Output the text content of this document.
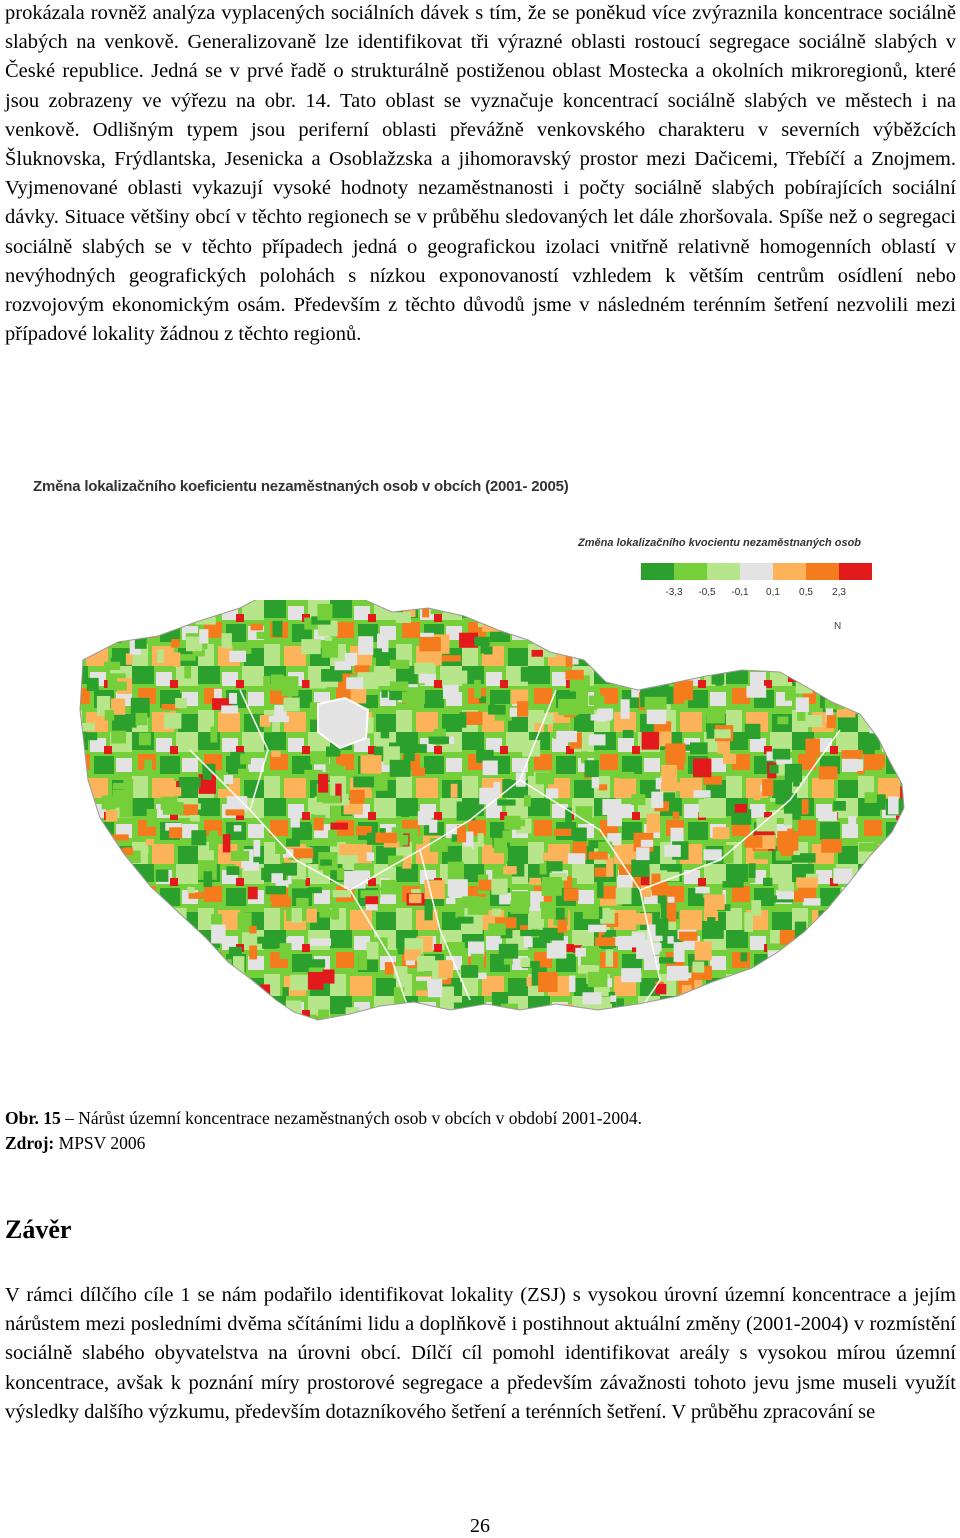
prokázala rovněž analýza vyplacených sociálních dávek s tím, že se poněkud více zvýraznila koncentrace sociálně slabých na venkově. Generalizovaně lze identifikovat tři výrazné oblasti rostoucí segregace sociálně slabých v České republice. Jedná se v prvé řadě o strukturálně postiženou oblast Mostecka a okolních mikroregionů, které jsou zobrazeny ve výřezu na obr. 14. Tato oblast se vyznačuje koncentrací sociálně slabých ve městech i na venkově. Odlišným typem jsou periferní oblasti převážně venkovského charakteru v severních výběžcích Šluknovska, Frýdlantska, Jesenicka a Osoblažzska a jihomoravský prostor mezi Dačicemi, Třebíčí a Znojmem. Vyjmenované oblasti vykazují vysoké hodnoty nezaměstnanosti i počty sociálně slabých pobírajících sociální dávky. Situace většiny obcí v těchto regionech se v průběhu sledovaných let dále zhoršovala. Spíše než o segregaci sociálně slabých se v těchto případech jedná o geografickou izolaci vnitřně relativně homogenních oblastí v nevýhodných geografických polohách s nízkou exponovaností vzhledem k větším centrům osídlení nebo rozvojovým ekonomickým osám. Především z těchto důvodů jsme v následném terénním šetření nezvolili mezi případové lokality žádnou z těchto regionů.

Změna lokalizačního koeficientu nezaměstnaných osob v obcích (2001- 2005)
Změna lokalizačního kvocientu nezaměstnaných osob
-3,3 -0,5 -0,1 0,1 0,5 2,3
N
Obr. 15 – Nárůst územní koncentrace nezaměstnaných osob v obcích v období 2001-2004.
Zdroj: MPSV 2006
Závěr

V rámci dílčího cíle 1 se nám podařilo identifikovat lokality (ZSJ) s vysokou úrovní územní koncentrace a jejím nárůstem mezi posledními dvěma sčítáními lidu a doplňkově i postihnout aktuální změny (2001-2004) v rozmístění sociálně slabého obyvatelstva na úrovni obcí. Dílčí cíl pomohl identifikovat areály s vysokou mírou územní koncentrace, avšak k poznání míry prostorové segregace a především závažnosti tohoto jevu jsme museli využít výsledky dalšího výzkumu, především dotazníkového šetření a terénních šetření. V průběhu zpracování se

26
